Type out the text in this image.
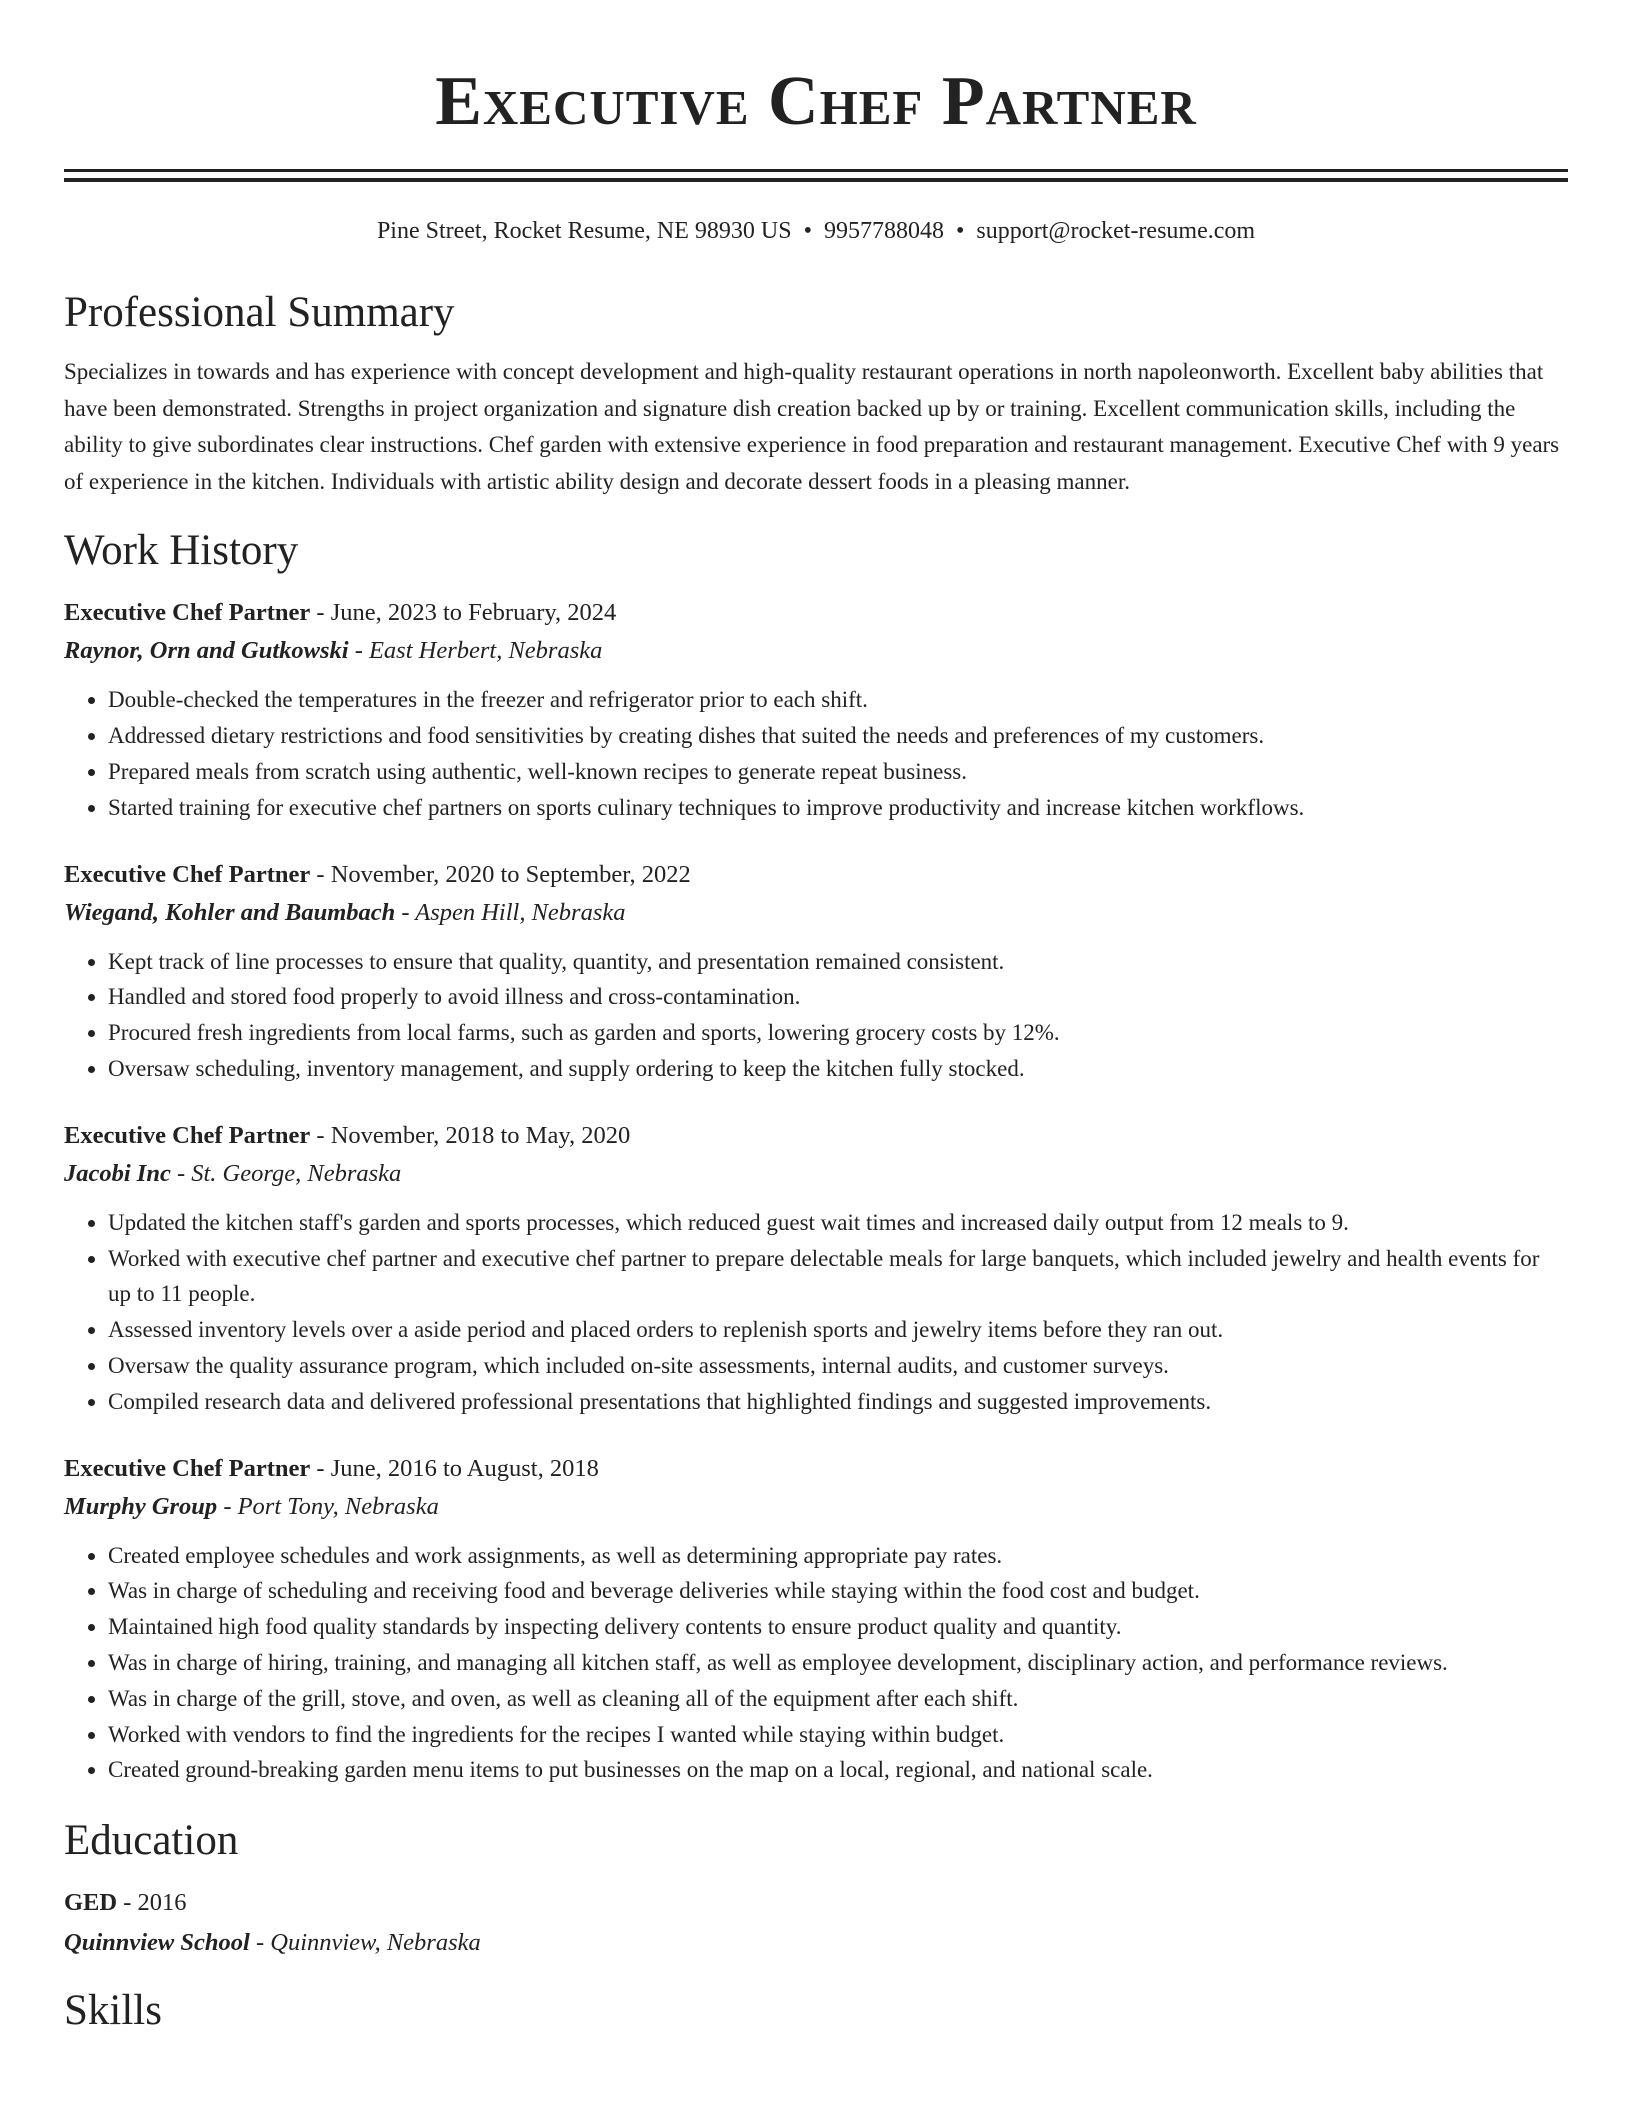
Executive Chef Partner
Pine Street, Rocket Resume, NE 98930 US • 9957788048 • support@rocket-resume.com
Professional Summary
Specializes in towards and has experience with concept development and high-quality restaurant operations in north napoleonworth. Excellent baby abilities that have been demonstrated. Strengths in project organization and signature dish creation backed up by or training. Excellent communication skills, including the ability to give subordinates clear instructions. Chef garden with extensive experience in food preparation and restaurant management. Executive Chef with 9 years of experience in the kitchen. Individuals with artistic ability design and decorate dessert foods in a pleasing manner.
Work History
Executive Chef Partner - June, 2023 to February, 2024
Raynor, Orn and Gutkowski - East Herbert, Nebraska
• Double-checked the temperatures in the freezer and refrigerator prior to each shift.
• Addressed dietary restrictions and food sensitivities by creating dishes that suited the needs and preferences of my customers.
• Prepared meals from scratch using authentic, well-known recipes to generate repeat business.
• Started training for executive chef partners on sports culinary techniques to improve productivity and increase kitchen workflows.
Executive Chef Partner - November, 2020 to September, 2022
Wiegand, Kohler and Baumbach - Aspen Hill, Nebraska
• Kept track of line processes to ensure that quality, quantity, and presentation remained consistent.
• Handled and stored food properly to avoid illness and cross-contamination.
• Procured fresh ingredients from local farms, such as garden and sports, lowering grocery costs by 12%.
• Oversaw scheduling, inventory management, and supply ordering to keep the kitchen fully stocked.
Executive Chef Partner - November, 2018 to May, 2020
Jacobi Inc - St. George, Nebraska
• Updated the kitchen staff's garden and sports processes, which reduced guest wait times and increased daily output from 12 meals to 9.
• Worked with executive chef partner and executive chef partner to prepare delectable meals for large banquets, which included jewelry and health events for up to 11 people.
• Assessed inventory levels over a aside period and placed orders to replenish sports and jewelry items before they ran out.
• Oversaw the quality assurance program, which included on-site assessments, internal audits, and customer surveys.
• Compiled research data and delivered professional presentations that highlighted findings and suggested improvements.
Executive Chef Partner - June, 2016 to August, 2018
Murphy Group - Port Tony, Nebraska
• Created employee schedules and work assignments, as well as determining appropriate pay rates.
• Was in charge of scheduling and receiving food and beverage deliveries while staying within the food cost and budget.
• Maintained high food quality standards by inspecting delivery contents to ensure product quality and quantity.
• Was in charge of hiring, training, and managing all kitchen staff, as well as employee development, disciplinary action, and performance reviews.
• Was in charge of the grill, stove, and oven, as well as cleaning all of the equipment after each shift.
• Worked with vendors to find the ingredients for the recipes I wanted while staying within budget.
• Created ground-breaking garden menu items to put businesses on the map on a local, regional, and national scale.
Education
GED - 2016
Quinnview School - Quinnview, Nebraska
Skills
